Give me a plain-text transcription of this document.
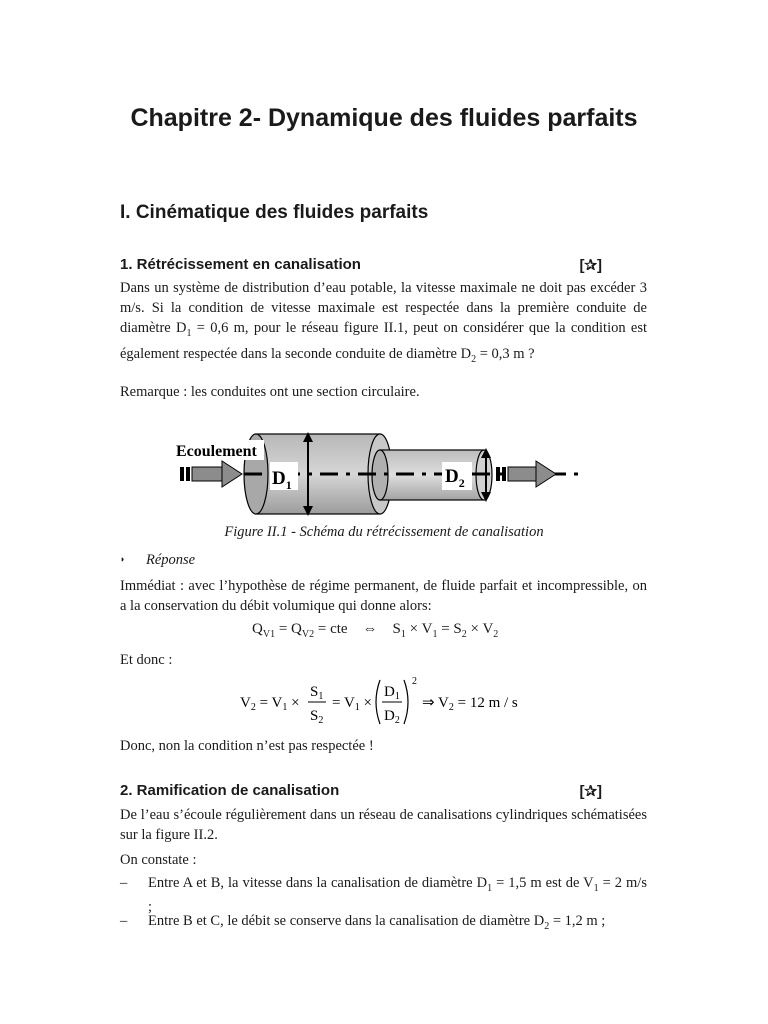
Chapitre 2- Dynamique des fluides parfaits
I. Cinématique des fluides parfaits
1. Rétrécissement en canalisation	[✰]

Dans un système de distribution d’eau potable, la vitesse maximale ne doit pas excéder 3 m/s. Si la condition de vitesse maximale est respectée dans la première conduite de diamètre $D_1 = 0,6$ m, pour le réseau figure II.1, peut on considérer que la condition est également respectée dans la seconde conduite de diamètre $D_2 = 0,3$ m ?

Remarque : les conduites ont une section circulaire.

Ecoulement
$D_1$	$D_2$

Figure II.1 - Schéma du rétrécissement de canalisation

◗ Réponse

Immédiat : avec l’hypothèse de régime permanent, de fluide parfait et incompressible, on a la conservation du débit volumique qui donne alors:

$Q_{V1} = Q_{V2}$ = cte    ⇔    $S_1 \times V_1 = S_2 \times V_2$

Et donc :

$V_2 = V_1$ ×
$S_1$
$S_2$
= $V_1$ ×
$D_1$
$D_2$
2
⇒ $V_2 = 12$ m / s

Donc, non la condition n’est pas respectée !

2. Ramification de canalisation	[✰]

De l’eau s’écoule régulièrement dans un réseau de canalisations cylindriques schématisées sur la figure II.2.

On constate :

– Entre A et B, la vitesse dans la canalisation de diamètre $D_1 = 1,5$ m est de $V_1 = 2$ m/s ;
– Entre B et C, le débit se conserve dans la canalisation de diamètre $D_2 = 1,2$ m ;
